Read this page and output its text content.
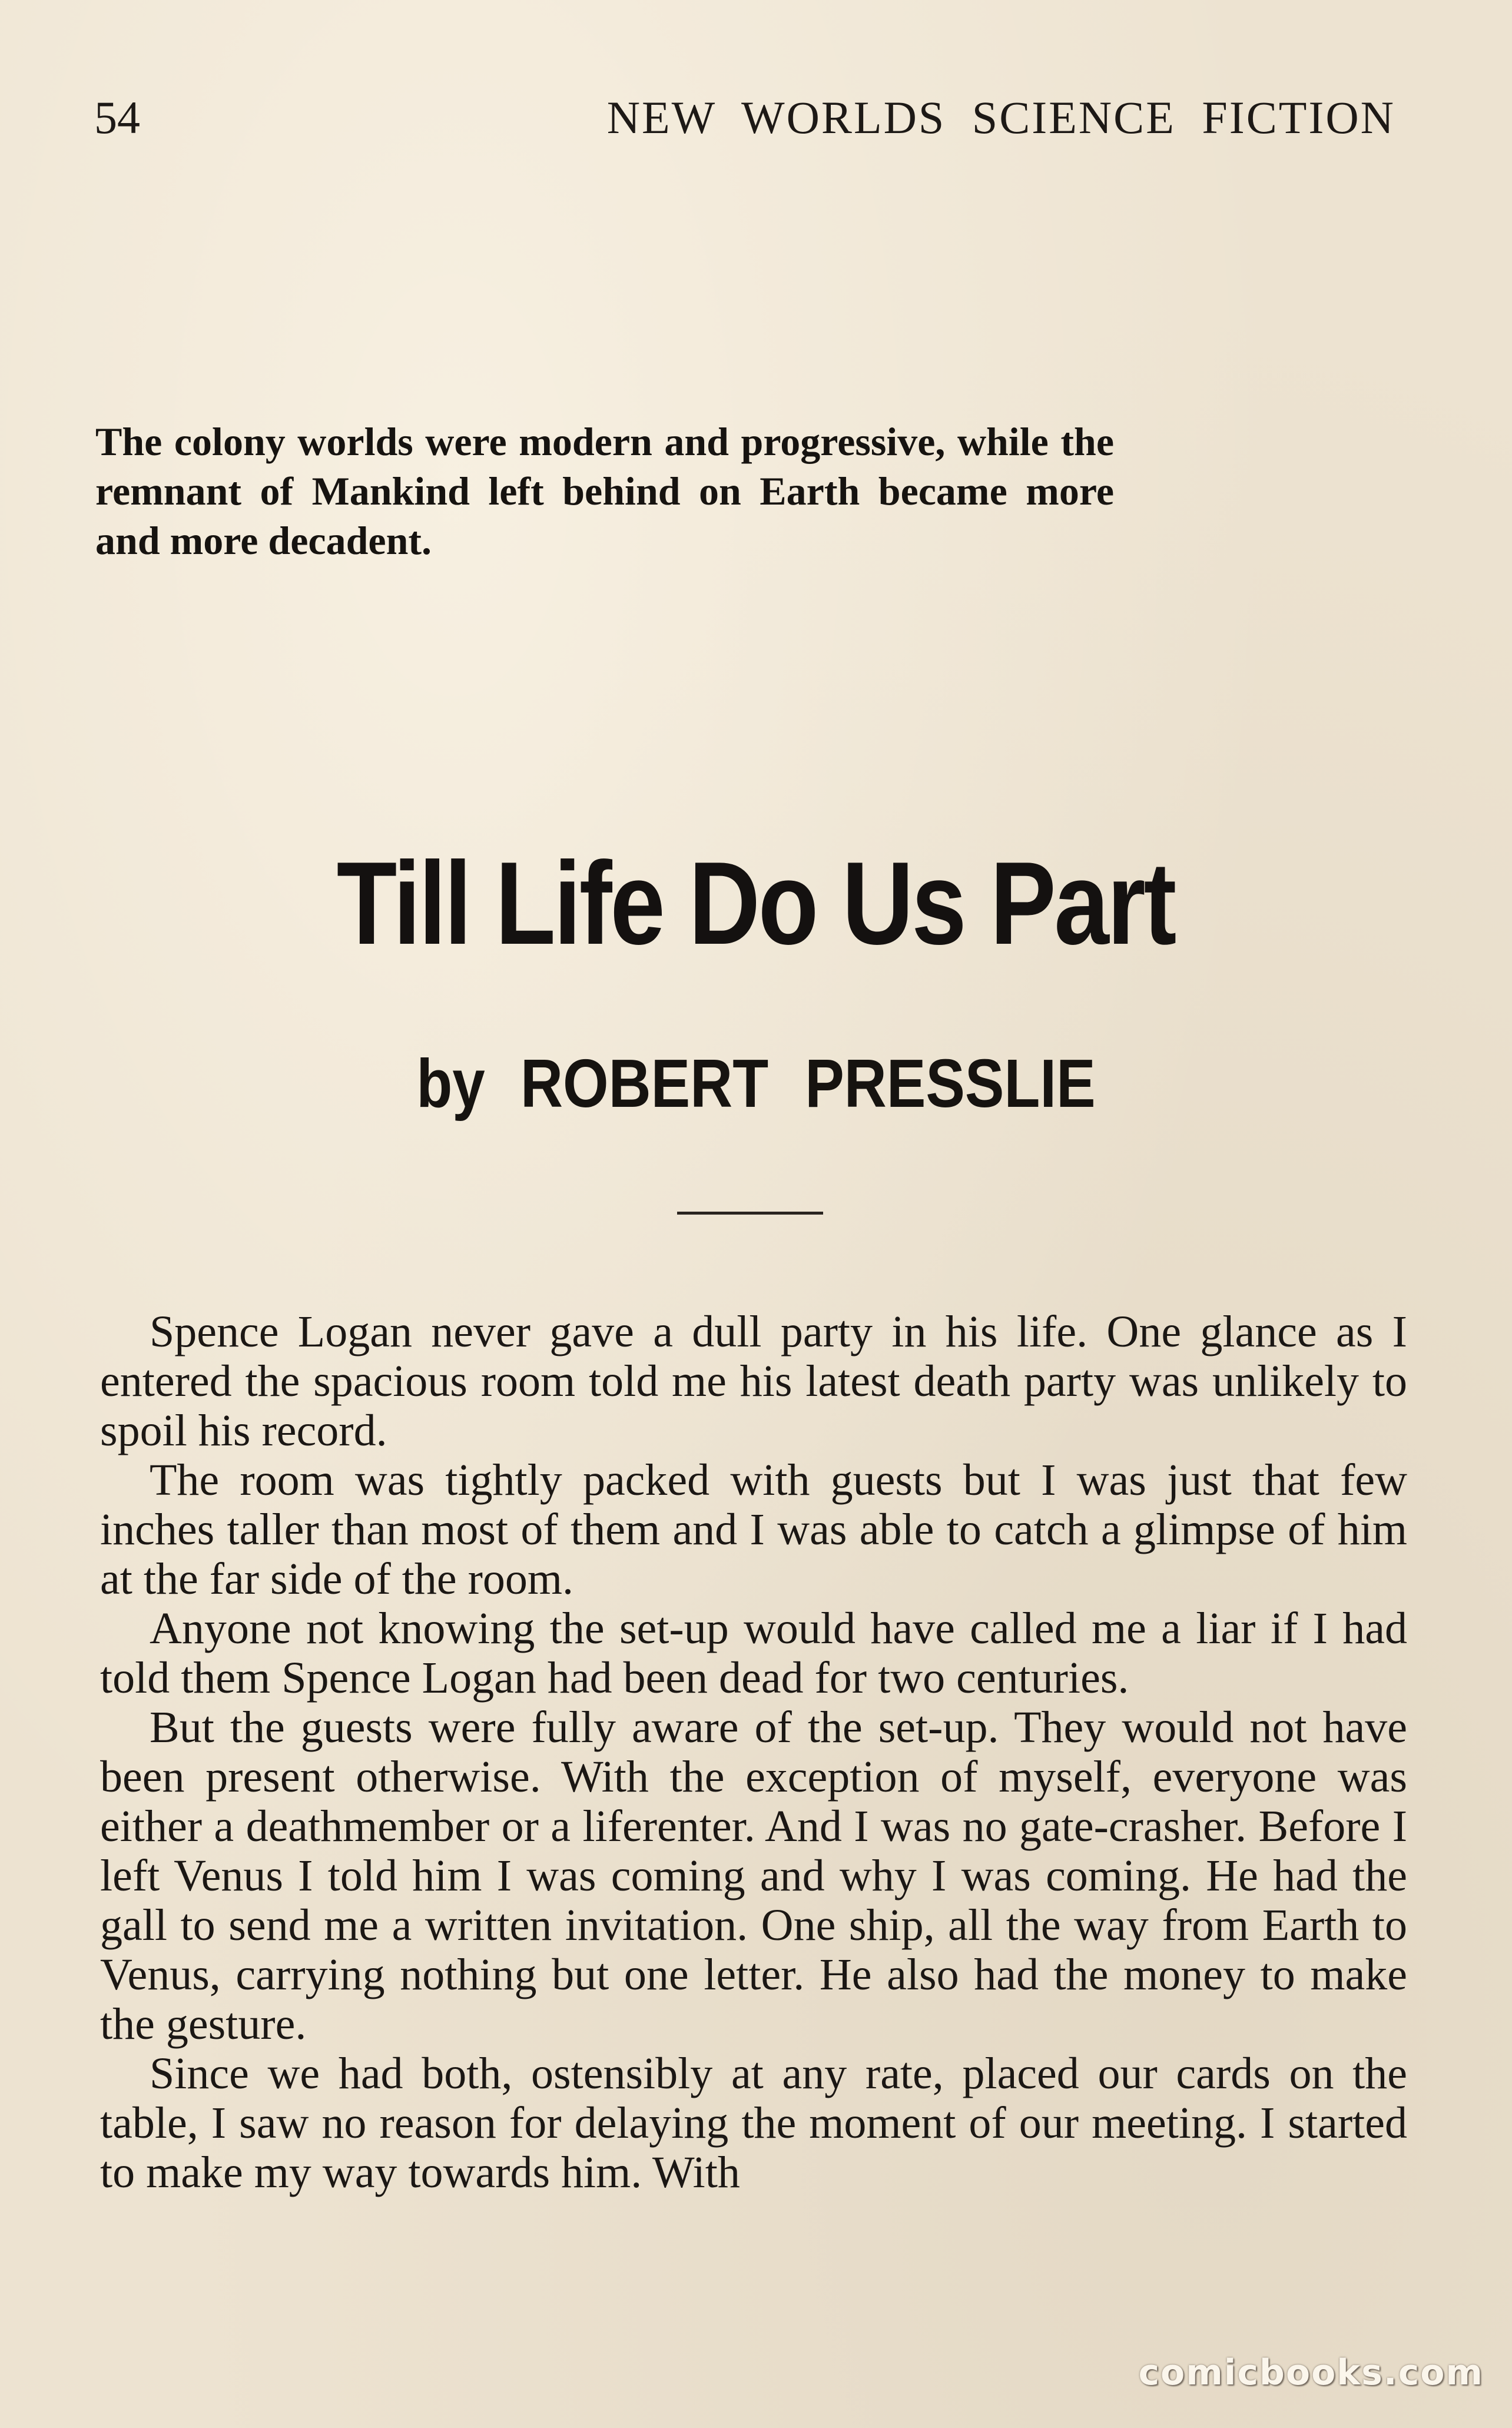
54	NEW WORLDS SCIENCE FICTION

The colony worlds were modern and progressive, while the remnant of Mankind left behind on Earth became more and more decadent.

Till Life Do Us Part
by ROBERT PRESSLIE

Spence Logan never gave a dull party in his life. One glance as I entered the spacious room told me his latest death party was unlikely to spoil his record.

The room was tightly packed with guests but I was just that few inches taller than most of them and I was able to catch a glimpse of him at the far side of the room.

Anyone not knowing the set-up would have called me a liar if I had told them Spence Logan had been dead for two centuries.

But the guests were fully aware of the set-up. They would not have been present otherwise. With the exception of myself, everyone was either a deathmember or a liferenter. And I was no gate-crasher. Before I left Venus I told him I was coming and why I was coming. He had the gall to send me a written invitation. One ship, all the way from Earth to Venus, carrying nothing but one letter. He also had the money to make the gesture.

Since we had both, ostensibly at any rate, placed our cards on the table, I saw no reason for delaying the moment of our meeting. I started to make my way towards him. With

comicbooks.com
